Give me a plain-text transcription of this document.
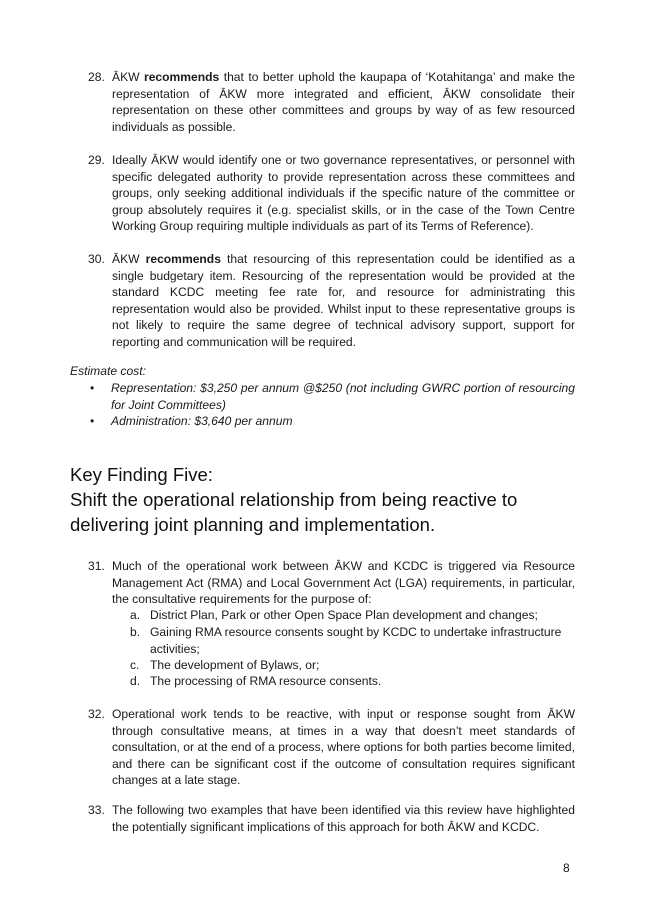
28. ĀKW recommends that to better uphold the kaupapa of ‘Kotahitanga’ and make the representation of ĀKW more integrated and efficient, ĀKW consolidate their representation on these other committees and groups by way of as few resourced individuals as possible.
29. Ideally ĀKW would identify one or two governance representatives, or personnel with specific delegated authority to provide representation across these committees and groups, only seeking additional individuals if the specific nature of the committee or group absolutely requires it (e.g. specialist skills, or in the case of the Town Centre Working Group requiring multiple individuals as part of its Terms of Reference).
30. ĀKW recommends that resourcing of this representation could be identified as a single budgetary item. Resourcing of the representation would be provided at the standard KCDC meeting fee rate for, and resource for administrating this representation would also be provided. Whilst input to these representative groups is not likely to require the same degree of technical advisory support, support for reporting and communication will be required.
Estimate cost:
• Representation: $3,250 per annum @$250 (not including GWRC portion of resourcing for Joint Committees)
• Administration: $3,640 per annum
Key Finding Five:
Shift the operational relationship from being reactive to
delivering joint planning and implementation.
31. Much of the operational work between ĀKW and KCDC is triggered via Resource Management Act (RMA) and Local Government Act (LGA) requirements, in particular, the consultative requirements for the purpose of:
a. District Plan, Park or other Open Space Plan development and changes;
b. Gaining RMA resource consents sought by KCDC to undertake infrastructure activities;
c. The development of Bylaws, or;
d. The processing of RMA resource consents.
32. Operational work tends to be reactive, with input or response sought from ĀKW through consultative means, at times in a way that doesn’t meet standards of consultation, or at the end of a process, where options for both parties become limited, and there can be significant cost if the outcome of consultation requires significant changes at a late stage.
33. The following two examples that have been identified via this review have highlighted the potentially significant implications of this approach for both ĀKW and KCDC.
8
